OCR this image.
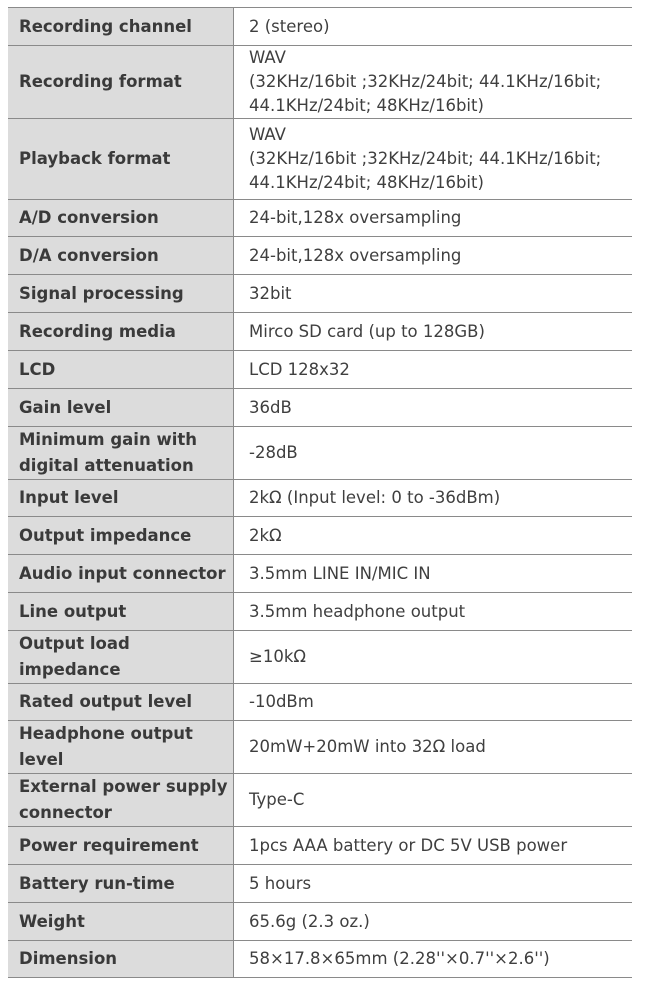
Recording channel	2 (stereo)

Recording format	WAV
(32KHz/16bit ;32KHz/24bit; 44.1KHz/16bit;
44.1KHz/24bit; 48KHz/16bit)

Playback format	WAV
(32KHz/16bit ;32KHz/24bit; 44.1KHz/16bit;
44.1KHz/24bit; 48KHz/16bit)

A/D conversion	24-bit,128x oversampling

D/A conversion	24-bit,128x oversampling

Signal processing	32bit

Recording media	Mirco SD card (up to 128GB)

LCD	LCD 128x32

Gain level	36dB

Minimum gain with digital attenuation	-28dB

Input level	2kΩ (Input level: 0 to -36dBm)

Output impedance	2kΩ

Audio input connector	3.5mm LINE IN/MIC IN

Line output	3.5mm headphone output

Output load impedance	≥10kΩ

Rated output level	-10dBm

Headphone output level	20mW+20mW into 32Ω load

External power supply connector	Type-C

Power requirement	1pcs AAA battery or DC 5V USB power

Battery run-time	5 hours

Weight	65.6g (2.3 oz.)

Dimension	58×17.8×65mm (2.28''×0.7''×2.6'')
